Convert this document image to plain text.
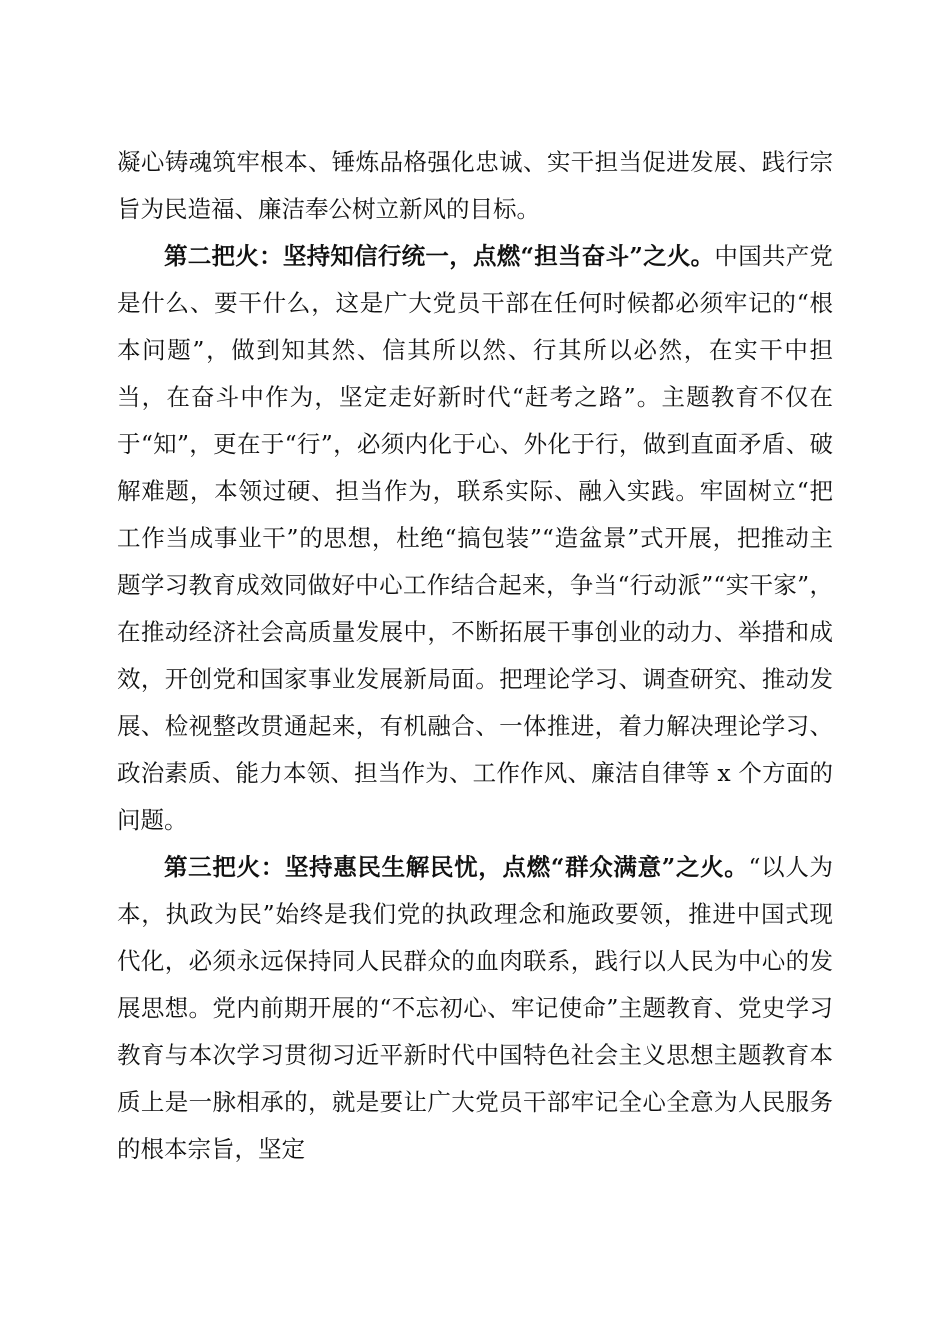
凝心铸魂筑牢根本、锤炼品格强化忠诚、实干担当促进发展、践行宗旨为民造福、廉洁奉公树立新风的目标。

第二把火：坚持知信行统一，点燃“担当奋斗”之火。中国共产党是什么、要干什么，这是广大党员干部在任何时候都必须牢记的“根本问题”，做到知其然、信其所以然、行其所以必然，在实干中担当，在奋斗中作为，坚定走好新时代“赶考之路”。主题教育不仅在于“知”，更在于“行”，必须内化于心、外化于行，做到直面矛盾、破解难题，本领过硬、担当作为，联系实际、融入实践。牢固树立“把工作当成事业干”的思想，杜绝“搞包装”“造盆景”式开展，把推动主题学习教育成效同做好中心工作结合起来，争当“行动派”“实干家”，在推动经济社会高质量发展中，不断拓展干事创业的动力、举措和成效，开创党和国家事业发展新局面。把理论学习、调查研究、推动发展、检视整改贯通起来，有机融合、一体推进，着力解决理论学习、政治素质、能力本领、担当作为、工作作风、廉洁自律等 x 个方面的问题。

第三把火：坚持惠民生解民忧，点燃“群众满意”之火。“以人为本，执政为民”始终是我们党的执政理念和施政要领，推进中国式现代化，必须永远保持同人民群众的血肉联系，践行以人民为中心的发展思想。党内前期开展的“不忘初心、牢记使命”主题教育、党史学习教育与本次学习贯彻习近平新时代中国特色社会主义思想主题教育本质上是一脉相承的，就是要让广大党员干部牢记全心全意为人民服务的根本宗旨，坚定
